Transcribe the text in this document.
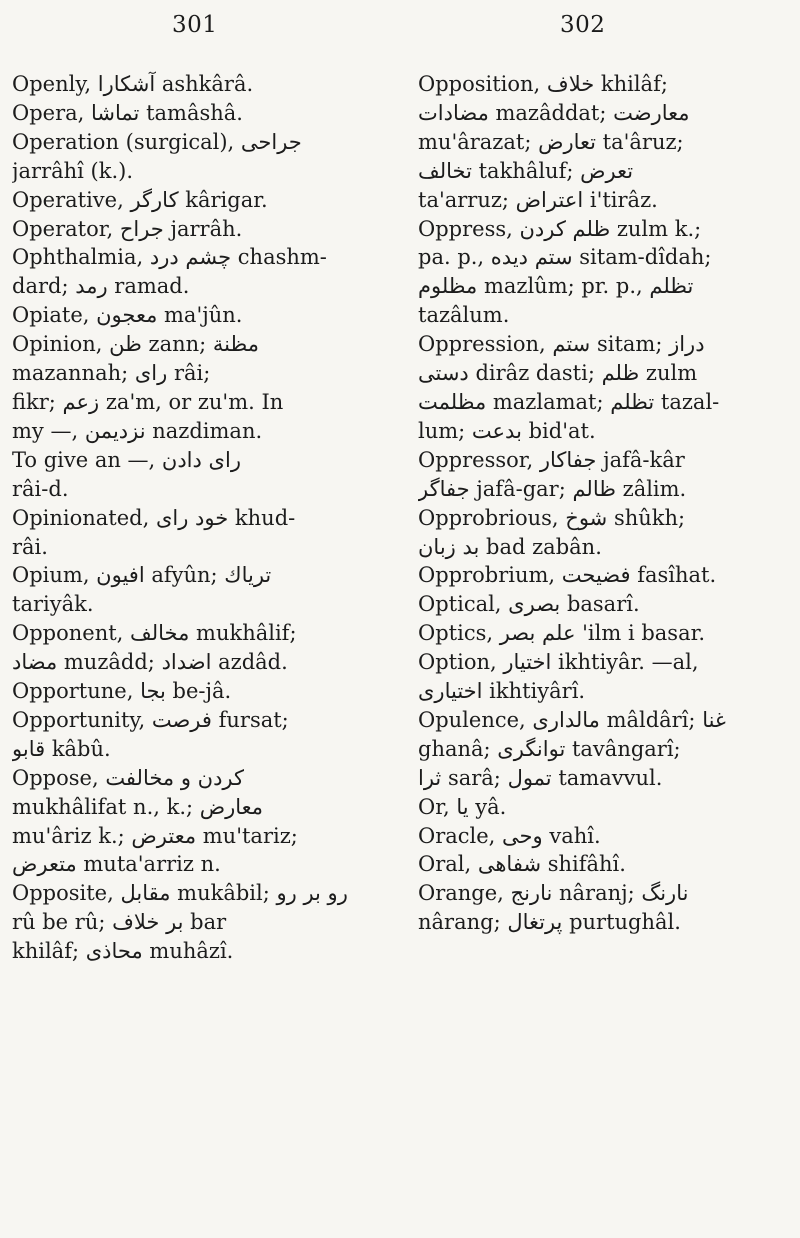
301	302
Openly, آشكارا ashkârâ.
Opera, تماشا tamâshâ.
Operation (surgical), جراحى
jarrâhî (k.).
Operative, كارگر kârigar.
Operator, جراح jarrâh.
Ophthalmia, چشم درد chashm-
dard; رمد ramad.
Opiate, معجون ma'jûn.
Opinion, ظن zann; مظنة
mazannah; راى râi;
fikr; زعم za'm, or zu'm. In
my —, نزديمن nazdiman.
To give an —, راى دادن
râi-d.
Opinionated, خود راى khud-
râi.
Opium, افيون afyûn; ترياك
tariyâk.
Opponent, مخالف mukhâlif;
مضاد muzâdd; اضداد azdâd.
Opportune, بجا be-jâ.
Opportunity, فرصت fursat;
قابو kâbû.
Oppose, كردن و مخالفت
mukhâlifat n., k.; معارض
mu'âriz k.; معترض mu'tariz;
متعرض muta'arriz n.
Opposite, مقابل mukâbil; رو بر رو
rû be rû; بر خلاف bar
khilâf; محاذى muhâzî.
Opposition, خلاف khilâf;
مضادات mazâddat; معارضت
mu'ârazat; تعارض ta'âruz;
تخالف takhâluf; تعرض
ta'arruz; اعتراض i'tirâz.
Oppress, ظلم كردن zulm k.;
pa. p., ستم ديده sitam-dîdah;
مظلوم mazlûm; pr. p., تظلم
tazâlum.
Oppression, ستم sitam; دراز
دستى dirâz dasti; ظلم zulm
مظلمت mazlamat; تظلم tazal-
lum; بدعت bid'at.
Oppressor, جفاكار jafâ-kâr
جفاگر jafâ-gar; ظالم zâlim.
Opprobrious, شوخ shûkh;
بد زبان bad zabân.
Opprobrium, فضيحت fasîhat.
Optical, بصرى basarî.
Optics, علم بصر 'ilm i basar.
Option, اختيار ikhtiyâr. —al,
اختيارى ikhtiyârî.
Opulence, مالدارى mâldârî; غنا
ghanâ; توانگرى tavângarî;
ثرا sarâ; تمول tamavvul.
Or, يا yâ.
Oracle, وحى vahî.
Oral, شفاهى shifâhî.
Orange, نارنج nâranj; نارنگ
nârang; پرتغال purtughâl.
